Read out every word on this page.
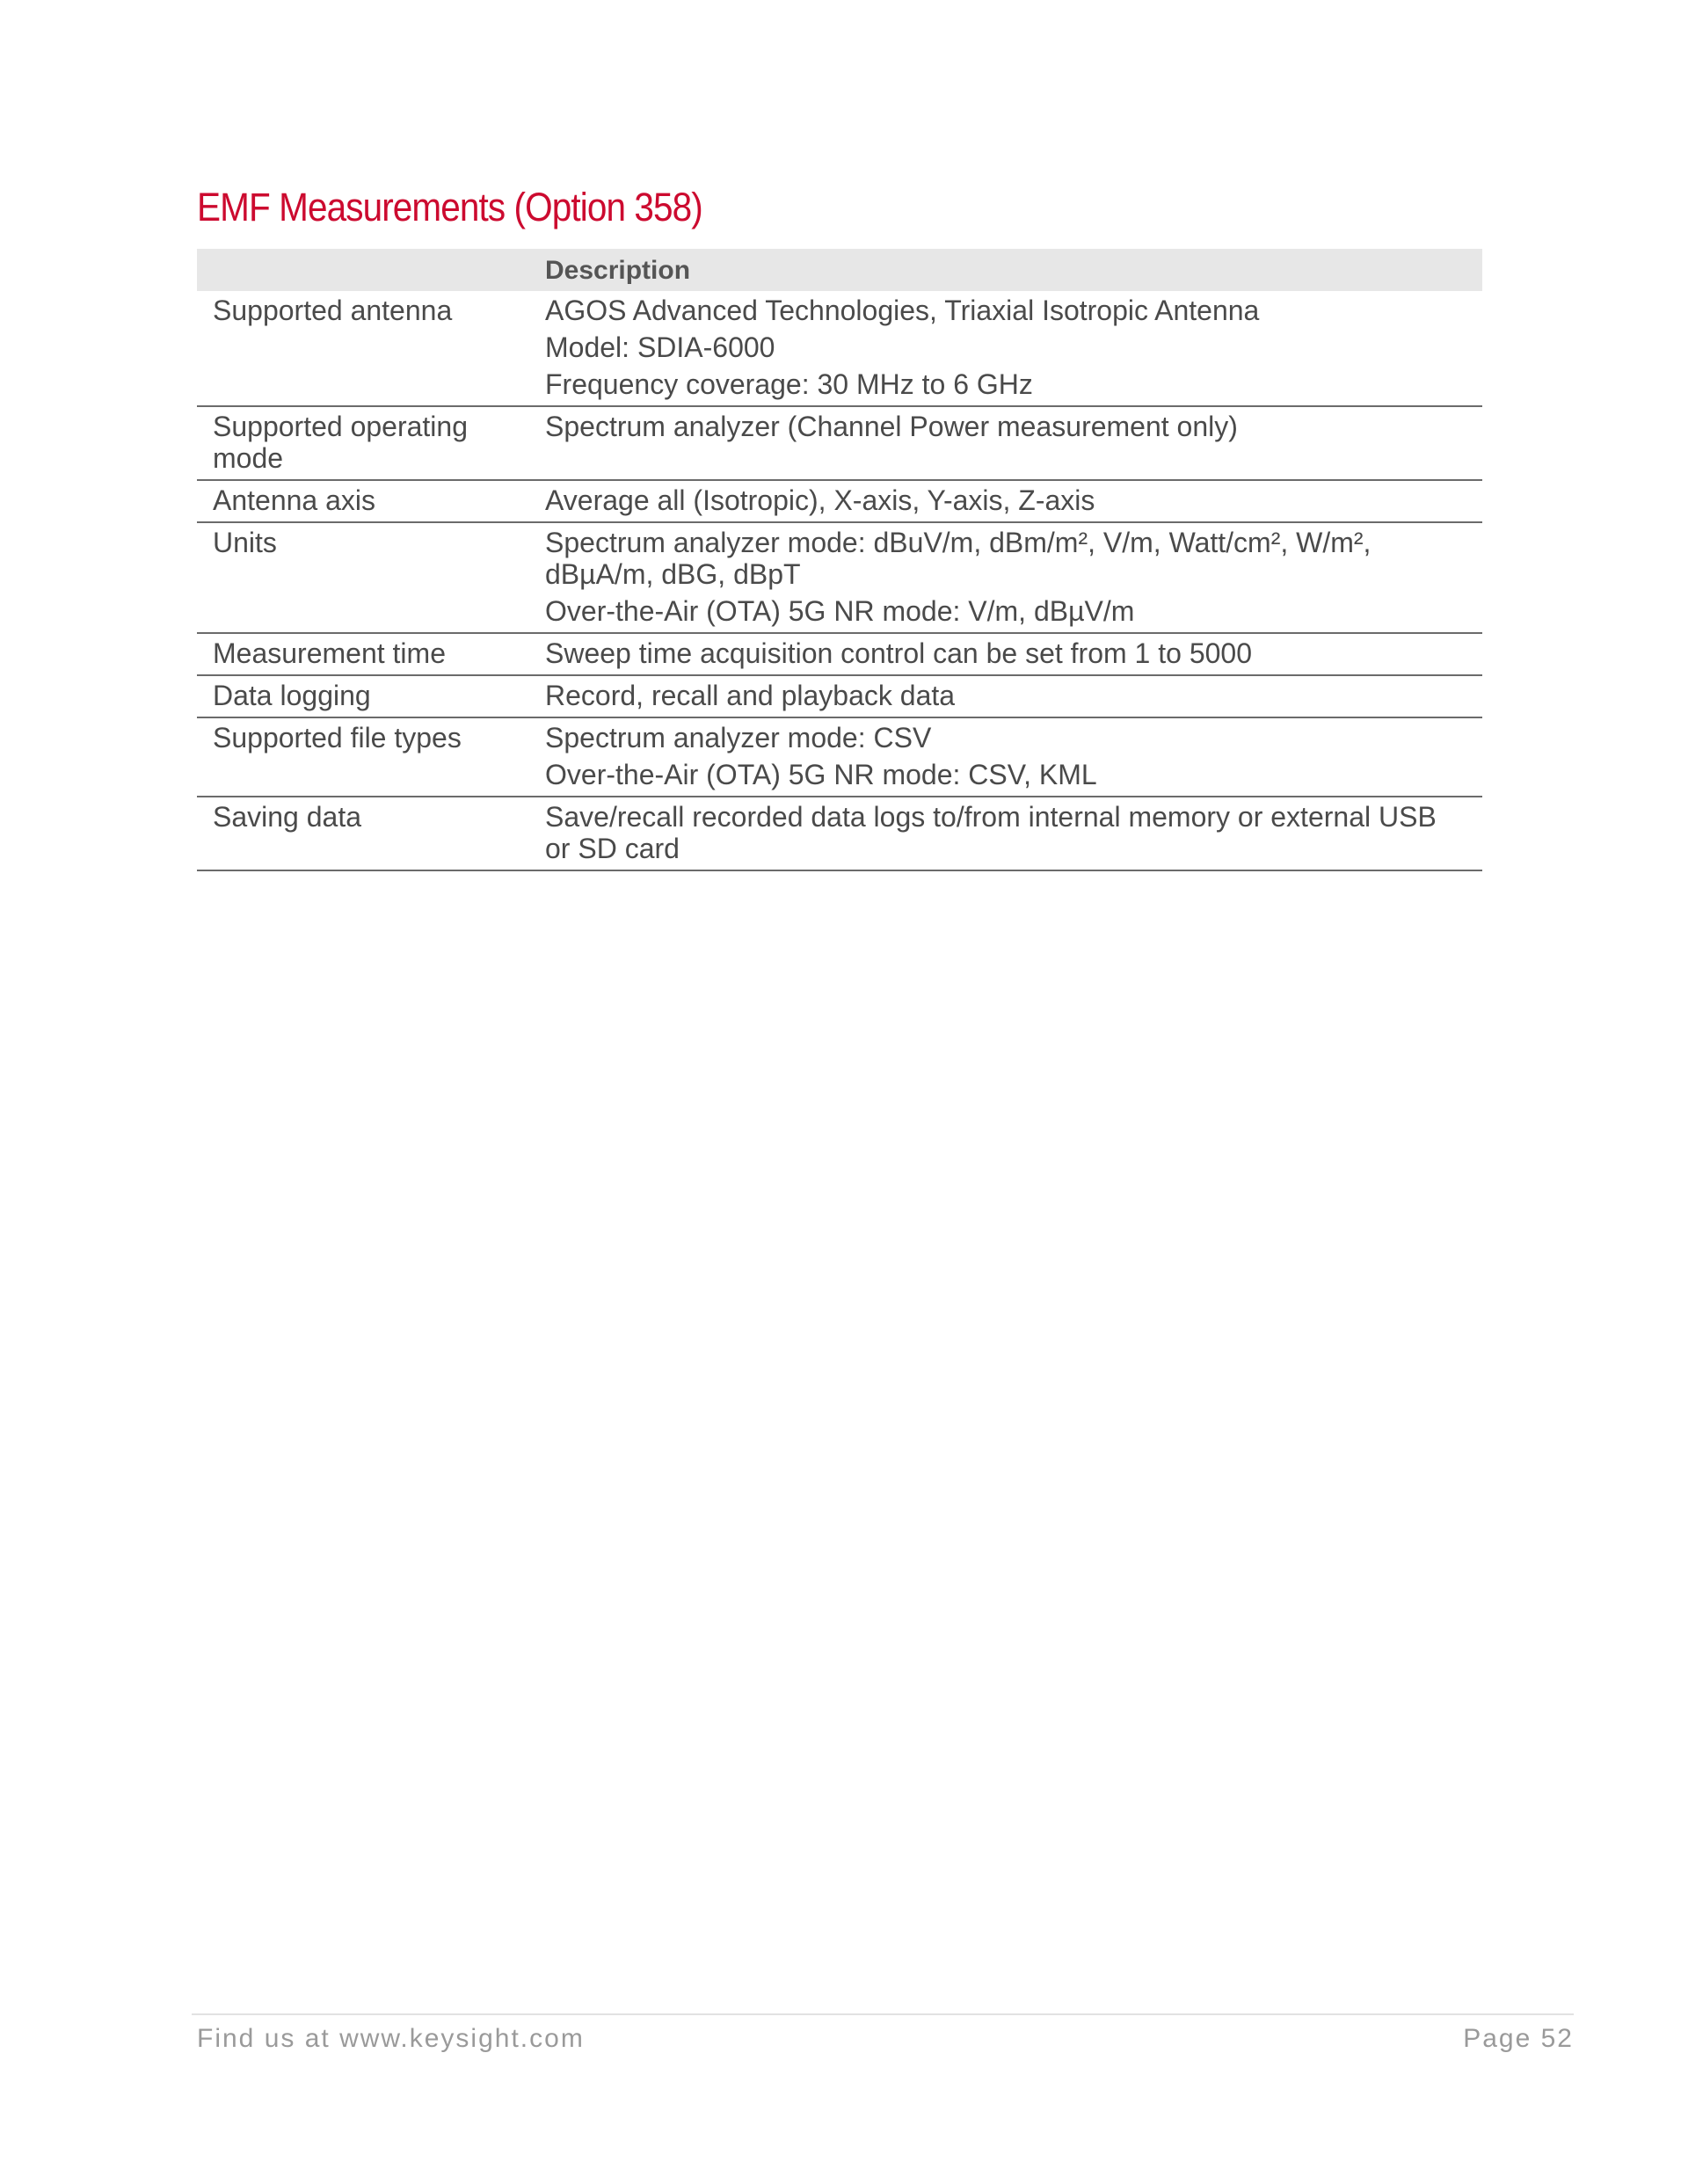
EMF Measurements (Option 358)
	Description
Supported antenna	AGOS Advanced Technologies, Triaxial Isotropic Antenna
Model: SDIA-6000
Frequency coverage: 30 MHz to 6 GHz

Supported operating mode	Spectrum analyzer (Channel Power measurement only)

Antenna axis	Average all (Isotropic), X-axis, Y-axis, Z-axis

Units	Spectrum analyzer mode: dBuV/m, dBm/m², V/m, Watt/cm², W/m², dBµA/m, dBG, dBpT
Over-the-Air (OTA) 5G NR mode: V/m, dBµV/m

Measurement time	Sweep time acquisition control can be set from 1 to 5000

Data logging	Record, recall and playback data

Supported file types	Spectrum analyzer mode: CSV
Over-the-Air (OTA) 5G NR mode: CSV, KML

Saving data	Save/recall recorded data logs to/from internal memory or external USB or SD card
Find us at www.keysight.com	Page 52
